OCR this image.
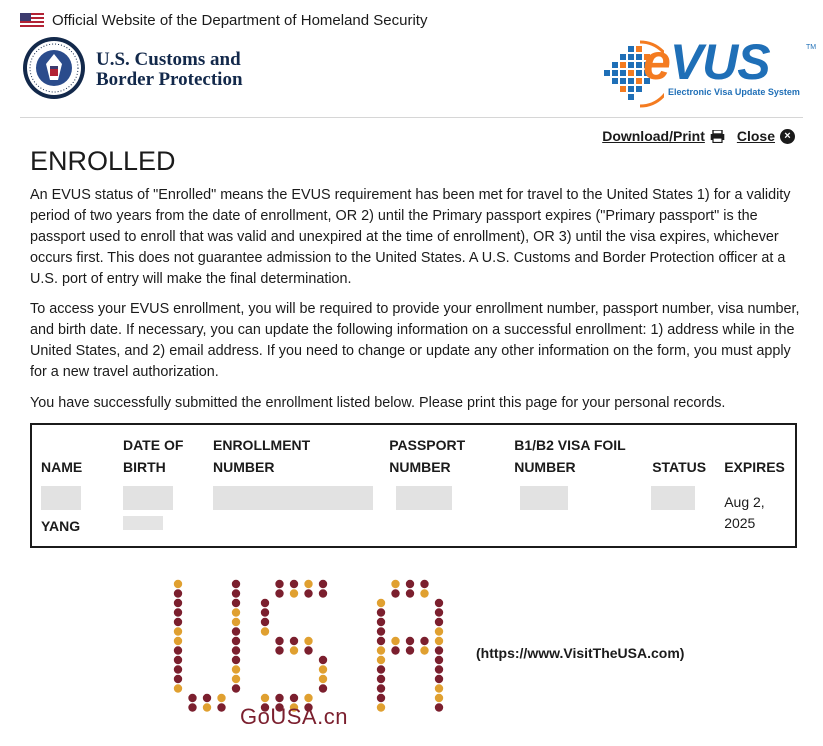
Official Website of the Department of Homeland Security
U.S. Customs and
Border Protection	eVUS	TM
Electronic Visa Update System
Download/Print Close ×
ENROLLED

An EVUS status of "Enrolled" means the EVUS requirement has been met for travel to the United States 1) for a validity period of two years from the date of enrollment, OR 2) until the Primary passport expires ("Primary passport" is the passport used to enroll that was valid and unexpired at the time of enrollment), OR 3) until the visa expires, whichever occurs first. This does not guarantee admission to the United States. A U.S. Customs and Border Protection officer at a U.S. port of entry will make the final determination.

To access your EVUS enrollment, you will be required to provide your enrollment number, passport number, visa number, and birth date. If necessary, you can update the following information on a successful enrollment: 1) address while in the United States, and 2) email address. If you need to change or update any other information on the form, you must apply for a new travel authorization.

You have successfully submitted the enrollment listed below. Please print this page for your personal records.

NAME	DATE OF BIRTH	ENROLLMENT NUMBER	PASSPORT NUMBER	B1/B2 VISA FOIL NUMBER	STATUS	EXPIRES

YANG						Aug 2, 2025
GoUSA.cn
(https://www.VisitTheUSA.com)
